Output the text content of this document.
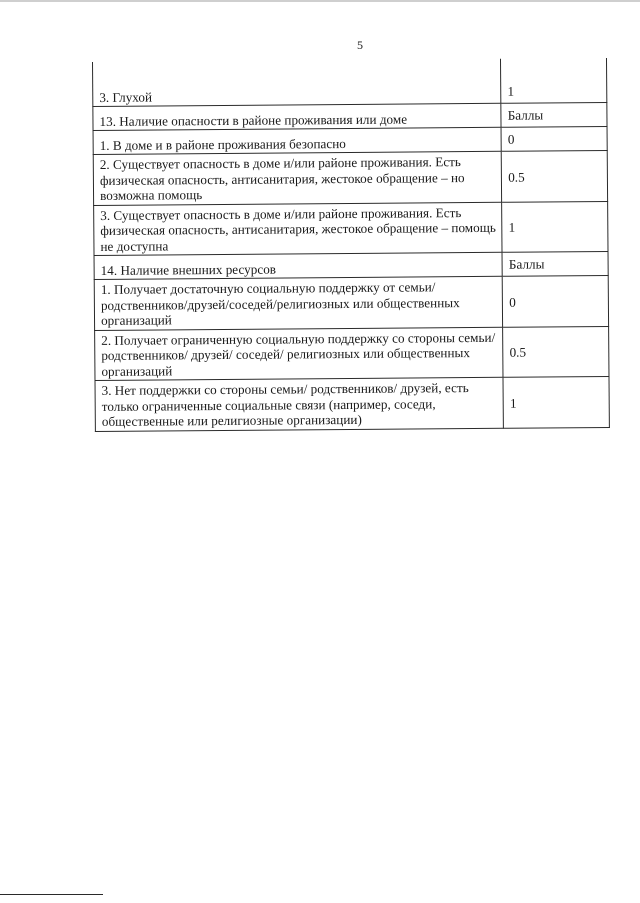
5
3. Глухой	1

13. Наличие опасности в районе проживания или доме	Баллы

1. В доме и в районе проживания безопасно	0

2. Существует опасность в доме и/или районе проживания. Есть физическая опасность, антисанитария, жестокое обращение – но возможна помощь	0.5

3. Существует опасность в доме и/или районе проживания. Есть физическая опасность, антисанитария, жестокое обращение – помощь не доступна	1

14. Наличие внешних ресурсов	Баллы

1. Получает достаточную социальную поддержку от семьи/родственников/друзей/соседей/религиозных или общественных организаций	0

2. Получает ограниченную социальную поддержку со стороны семьи/ родственников/ друзей/ соседей/ религиозных или общественных организаций	0.5

3. Нет поддержки со стороны семьи/ родственников/ друзей, есть только ограниченные социальные связи (например, соседи, общественные или религиозные организации)	1
